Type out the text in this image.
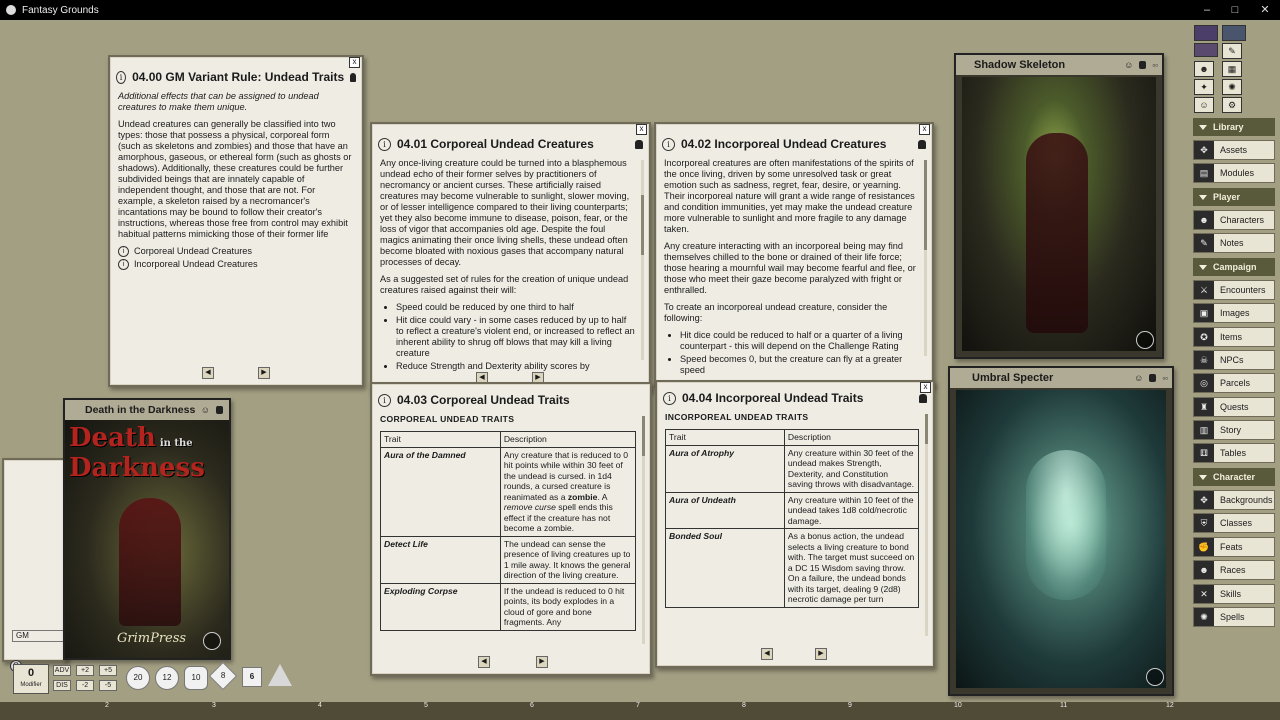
Fantasy Grounds	–	□	✕
x
i 04.00 GM Variant Rule: Undead Traits

Additional effects that can be assigned to undead creatures to make them unique.

Undead creatures can generally be classified into two types: those that possess a physical, corporeal form (such as skeletons and zombies) and those that have an amorphous, gaseous, or ethereal form (such as ghosts or shadows). Additionally, these creatures could be further subdivided beings that are innately capable of independent thought, and those that are not. For example, a skeleton raised by a necromancer's incantations may be bound to follow their creator's instructions, whereas those free from control may exhibit habitual patterns mimicking those of their former life

i	Corporeal Undead Creatures
i	Incorporeal Undead Creatures
◀	▶
x
i 04.01 Corporeal Undead Creatures

Any once-living creature could be turned into a blasphemous undead echo of their former selves by practitioners of necromancy or ancient curses. These artificially raised creatures may become vulnerable to sunlight, slower moving, or of lesser intelligence compared to their living counterparts; yet they also become immune to disease, poison, fear, or the loss of vigor that accompanies old age. Despite the foul magics animating their once living shells, these undead often become bloated with noxious gases that accompany natural processes of decay.

As a suggested set of rules for the creation of unique undead creatures raised against their will:

• Speed could be reduced by one third to half
• Hit dice could vary - in some cases reduced by up to half to reflect a creature's violent end, or increased to reflect an inherent ability to shrug off blows that may kill a living creature
• Reduce Strength and Dexterity ability scores by
◀	▶
x
i 04.02 Incorporeal Undead Creatures

Incorporeal creatures are often manifestations of the spirits of the once living, driven by some unresolved task or great emotion such as sadness, regret, fear, desire, or yearning. Their incorporeal nature will grant a wide range of resistances and condition immunities, yet may make the undead creature more vulnerable to sunlight and more fragile to any damage taken.

Any creature interacting with an incorporeal being may find themselves chilled to the bone or drained of their life force; those hearing a mournful wail may become fearful and flee, or those who meet their gaze become paralyzed with fright or enthralled.

To create an incorporeal undead creature, consider the following:

• Hit dice could be reduced to half or a quarter of a living counterpart - this will depend on the Challenge Rating
• Speed becomes 0, but the creature can fly at a greater speed
i 04.03 Corporeal Undead Traits
CORPOREAL UNDEAD TRAITS
Trait	Description
Aura of the Damned	Any creature that is reduced to 0 hit points while within 30 feet of the undead is cursed. in 1d4 rounds, a cursed creature is reanimated as a zombie. A remove curse spell ends this effect if the creature has not become a zombie.
Detect Life	The undead can sense the presence of living creatures up to 1 mile away. It knows the general direction of the living creature.
Exploding Corpse	If the undead is reduced to 0 hit points, its body explodes in a cloud of gore and bone fragments. Any
◀	▶
x
i 04.04 Incorporeal Undead Traits
INCORPOREAL UNDEAD TRAITS
Trait	Description
Aura of Atrophy	Any creature within 30 feet of the undead makes Strength, Dexterity, and Constitution saving throws with disadvantage.
Aura of Undeath	Any creature within 10 feet of the undead takes 1d8 cold/necrotic damage.
Bonded Soul	As a bonus action, the undead selects a living creature to bond with. The target must succeed on a DC 15 Wisdom saving throw. On a failure, the undead bonds with its target, dealing 9 (2d8) necrotic damage per turn
◀	▶
GM
Death in the Darkness ☺
Death in the
Darkness
GrimPress
Shadow Skeleton	☺ ▫▫
Umbral Specter	☺ ▫▫
✎
☻	▦
✦	✺
☺	⚙
Library
✥	Assets
▤	Modules
Player
☻	Characters
✎	Notes
Campaign
⚔	Encounters
▣	Images
✪	Items
☠	NPCs
◎	Parcels
♜	Quests
▥	Story
⚅	Tables
Character
✥	Backgrounds
⛨	Classes
✊	Feats
☻	Races
✕	Skills
✺	Spells
0
Modifier
ADV
DIS
+2
-2
+5
-5
20	12	10	8	6
2	3	4	5	6	7	8	9	10	11	12
